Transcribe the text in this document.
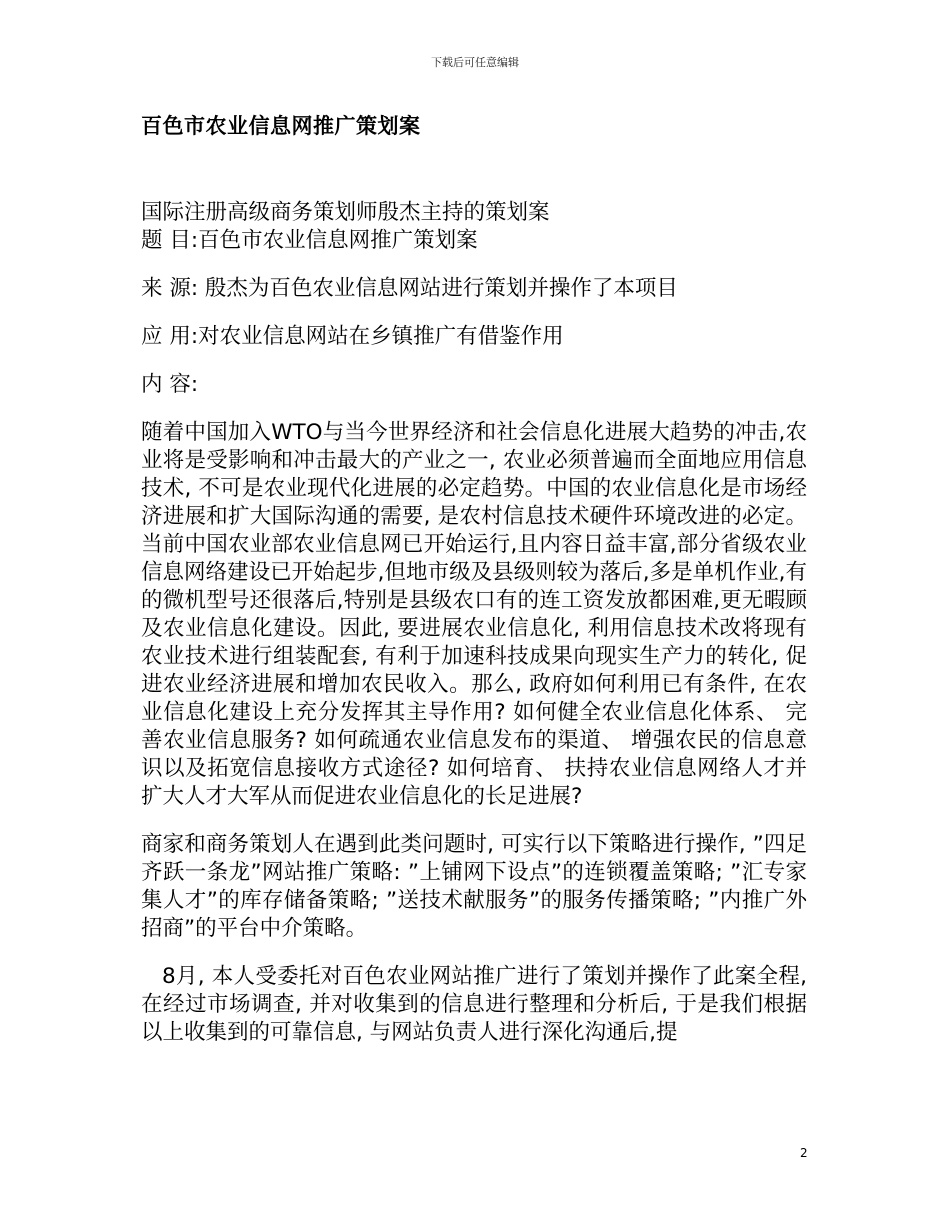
下载后可任意编辑
百色市农业信息网推广策划案

国际注册高级商务策划师殷杰主持的策划案

题 目:百色市农业信息网推广策划案

来 源: 殷杰为百色农业信息网站进行策划并操作了本项目

应 用:对农业信息网站在乡镇推广有借鉴作用

内 容:

随着中国加入WTO与当今世界经济和社会信息化进展大趋势的冲击,农业将是受影响和冲击最大的产业之一, 农业必须普遍而全面地应用信息技术, 不可是农业现代化进展的必定趋势。中国的农业信息化是市场经济进展和扩大国际沟通的需要, 是农村信息技术硬件环境改进的必定。当前中国农业部农业信息网已开始运行,且内容日益丰富,部分省级农业信息网络建设已开始起步,但地市级及县级则较为落后,多是单机作业,有的微机型号还很落后,特别是县级农口有的连工资发放都困难,更无暇顾及农业信息化建设。因此, 要进展农业信息化, 利用信息技术改将现有农业技术进行组装配套, 有利于加速科技成果向现实生产力的转化, 促进农业经济进展和增加农民收入。那么, 政府如何利用已有条件, 在农业信息化建设上充分发挥其主导作用? 如何健全农业信息化体系、 完善农业信息服务? 如何疏通农业信息发布的渠道、 增强农民的信息意识以及拓宽信息接收方式途径? 如何培育、 扶持农业信息网络人才并扩大人才大军从而促进农业信息化的长足进展?

商家和商务策划人在遇到此类问题时, 可实行以下策略进行操作, ”四足齐跃一条龙”网站推广策略: ”上铺网下设点”的连锁覆盖策略; ”汇专家集人才”的库存储备策略; ”送技术献服务”的服务传播策略; ”内推广外招商”的平台中介策略。

8月, 本人受委托对百色农业网站推广进行了策划并操作了此案全程, 在经过市场调查, 并对收集到的信息进行整理和分析后, 于是我们根据以上收集到的可靠信息, 与网站负责人进行深化沟通后,提

2
